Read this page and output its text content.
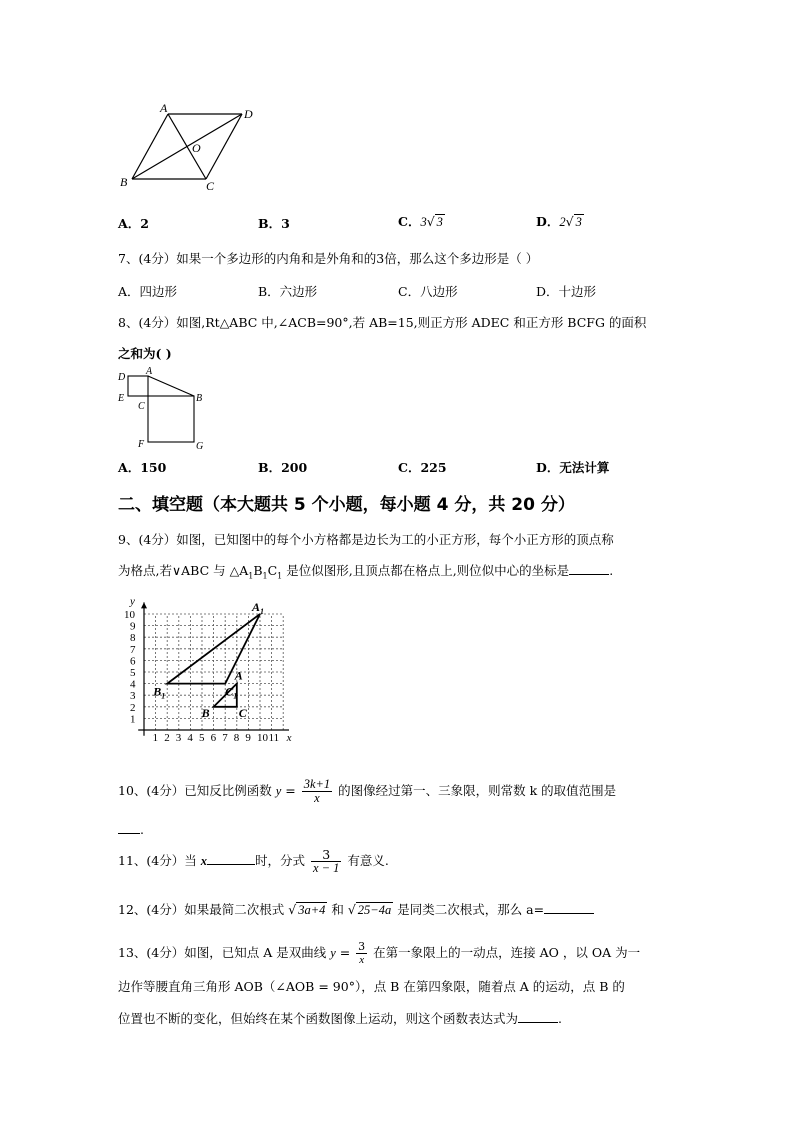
A	D
O
B	C
A．2	B．3	C．3√ 3	D．2√ 3
7、(4分）如果一个多边形的内角和是外角和的3倍，那么这个多边形是（ ）
A．四边形	B．六边形	C．八边形	D．十边形
8、(4分）如图,Rt△ABC 中,∠ACB=90°,若 AB=15,则正方形 ADEC 和正方形 BCFG 的面积
之和为( )
D
A
E
C
B
F	G
A．150	B．200	C．225	D．无法计算
二、填空题（本大题共 5 个小题，每小题 4 分，共 20 分）
9、(4分）如图，已知图中的每个小方格都是边长为工的小正方形，每个小正方形的顶点称
为格点,若∨ABC 与 $\triangle A_1B_1C_1$ 是位似图形,且顶点都在格点上,则位似中心的坐标是	.
1 2 3 4 5 6 7 8 9 10 11
1
2
3
4
5
6
7
8
9
10
y
x
A
B C
$A_1$
$B_1$	$C_1$
10、(4分）已知反比例函数 $y = \frac{3k+1}{x}$ 的图像经过第一、三象限，则常数 k 的取值范围是
.
11、(4分）当 x	时，分式 $\frac{3}{x - 1}$ 有意义.
12、(4分）如果最简二次根式 √ 3a+4 和 √ 25−4a 是同类二次根式，那么 a=
13、(4分）如图，已知点 A 是双曲线 $y = \frac{3}{x}$ 在第一象限上的一动点，连接 AO ，以 OA 为一
边作等腰直角三角形 AOB（∠AOB = 90°），点 B 在第四象限，随着点 A 的运动，点 B 的
位置也不断的变化，但始终在某个函数图像上运动，则这个函数表达式为	.
